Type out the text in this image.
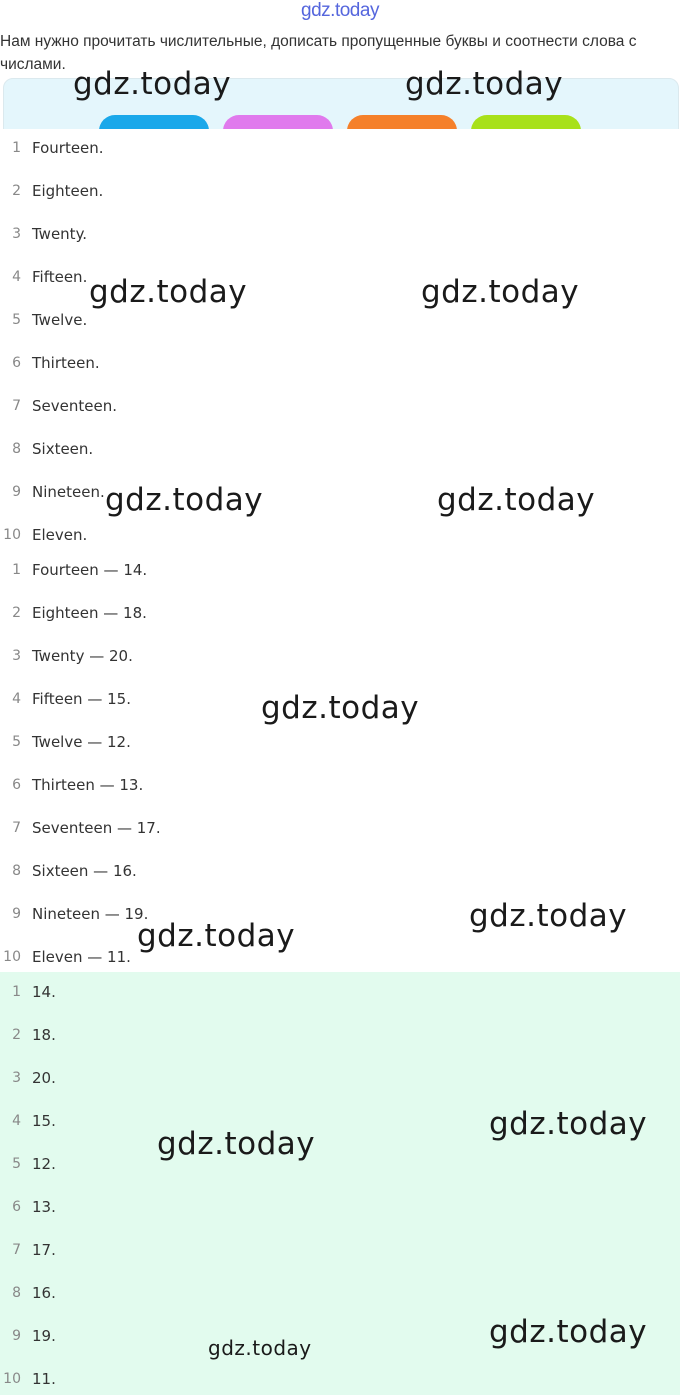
gdz.today
Нам нужно прочитать числительные, дописать пропущенные буквы и соотнести слова с числами.
1 Fourteen.
2 Eighteen.
3 Twenty.
4 Fifteen.
5 Twelve.
6 Thirteen.
7 Seventeen.
8 Sixteen.
9 Nineteen.
10 Eleven.
1 Fourteen — 14.
2 Eighteen — 18.
3 Twenty — 20.
4 Fifteen — 15.
5 Twelve — 12.
6 Thirteen — 13.
7 Seventeen — 17.
8 Sixteen — 16.
9 Nineteen — 19.
10 Eleven — 11.
1 14.
2 18.
3 20.
4 15.
5 12.
6 13.
7 17.
8 16.
9 19.
10 11.
gdz.today	gdz.today
gdz.today	gdz.today
gdz.today	gdz.today
gdz.today
gdz.today
gdz.today
gdz.today
gdz.today
gdz.today
gdz.today
